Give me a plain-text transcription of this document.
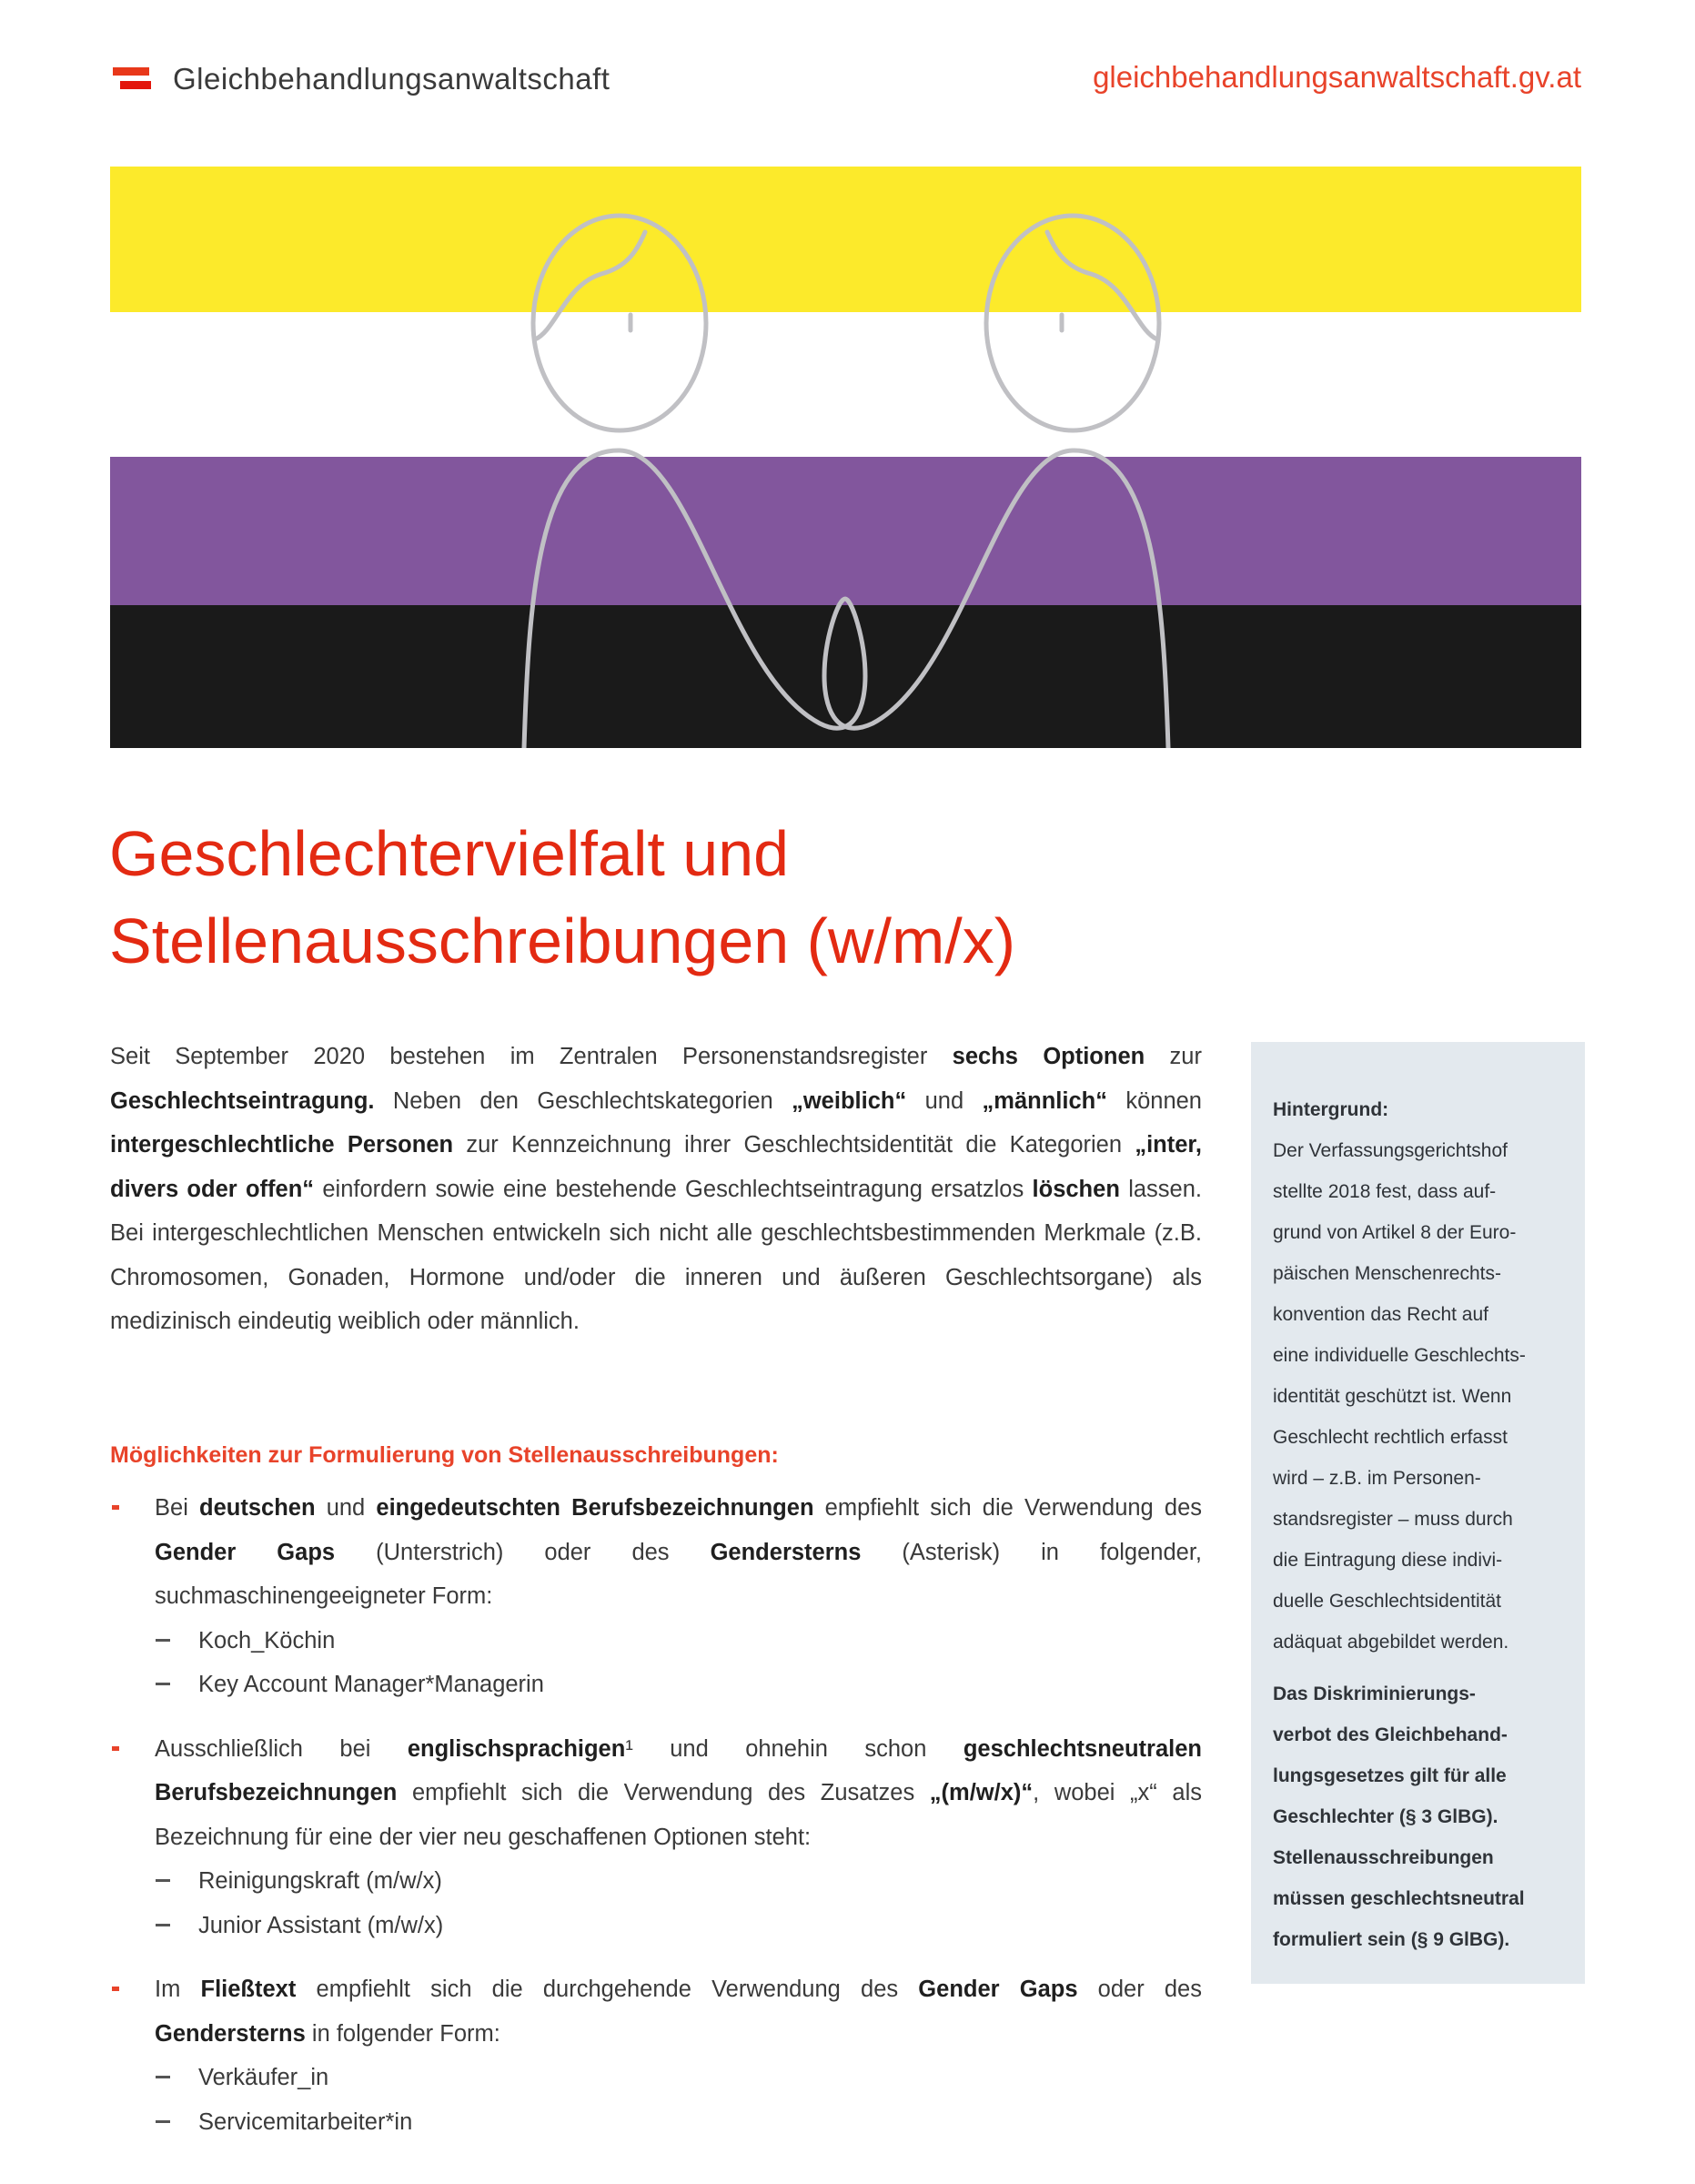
Gleichbehandlungsanwaltschaft	gleichbehandlungsanwaltschaft.gv.at
Geschlechtervielfalt und
Stellenausschreibungen (w/m/x)

Seit September 2020 bestehen im Zentralen Personenstandsregister sechs Optionen zur Geschlechtseintragung. Neben den Geschlechtskategorien „weiblich“ und „männlich“ können intergeschlechtliche Personen zur Kennzeichnung ihrer Geschlechtsidentität die Kategorien „inter, divers oder offen“ einfordern sowie eine bestehende Geschlechtseintragung ersatzlos löschen lassen. Bei intergeschlechtlichen Menschen entwickeln sich nicht alle geschlechtsbestimmenden Merkmale (z.B. Chromosomen, Gonaden, Hormone und/oder die inneren und äußeren Geschlechtsorgane) als medizinisch eindeutig weiblich oder männlich.

Möglichkeiten zur Formulierung von Stellenausschreibungen:
Bei deutschen und eingedeutschten Berufsbezeichnungen empfiehlt sich die Verwendung des Gender Gaps (Unterstrich) oder des Gendersterns (Asterisk) in folgender, suchmaschinengeeigneter Form:
Koch_Köchin
Key Account Manager*Managerin
Ausschließlich bei englischsprachigen¹ und ohnehin schon geschlechtsneutralen Berufsbezeichnungen empfiehlt sich die Verwendung des Zusatzes „(m/w/x)“, wobei „x“ als Bezeichnung für eine der vier neu geschaffenen Optionen steht:
Reinigungskraft (m/w/x)
Junior Assistant (m/w/x)
Im Fließtext empfiehlt sich die durchgehende Verwendung des Gender Gaps oder des Gendersterns in folgender Form:
Verkäufer_in
Servicemitarbeiter*in

Hintergrund:

Der Verfassungsgerichtshof

stellte 2018 fest, dass auf-

grund von Artikel 8 der Euro-

päischen Menschenrechts-

konvention das Recht auf

eine individuelle Geschlechts-

identität geschützt ist. Wenn

Geschlecht rechtlich erfasst

wird – z.B. im Personen-

standsregister – muss durch

die Eintragung diese indivi-

duelle Geschlechtsidentität

adäquat abgebildet werden.

Das Diskriminierungs-

verbot des Gleichbehand-

lungsgesetzes gilt für alle

Geschlechter (§ 3 GlBG).

Stellenausschreibungen

müssen geschlechtsneutral

formuliert sein (§ 9 GlBG).
